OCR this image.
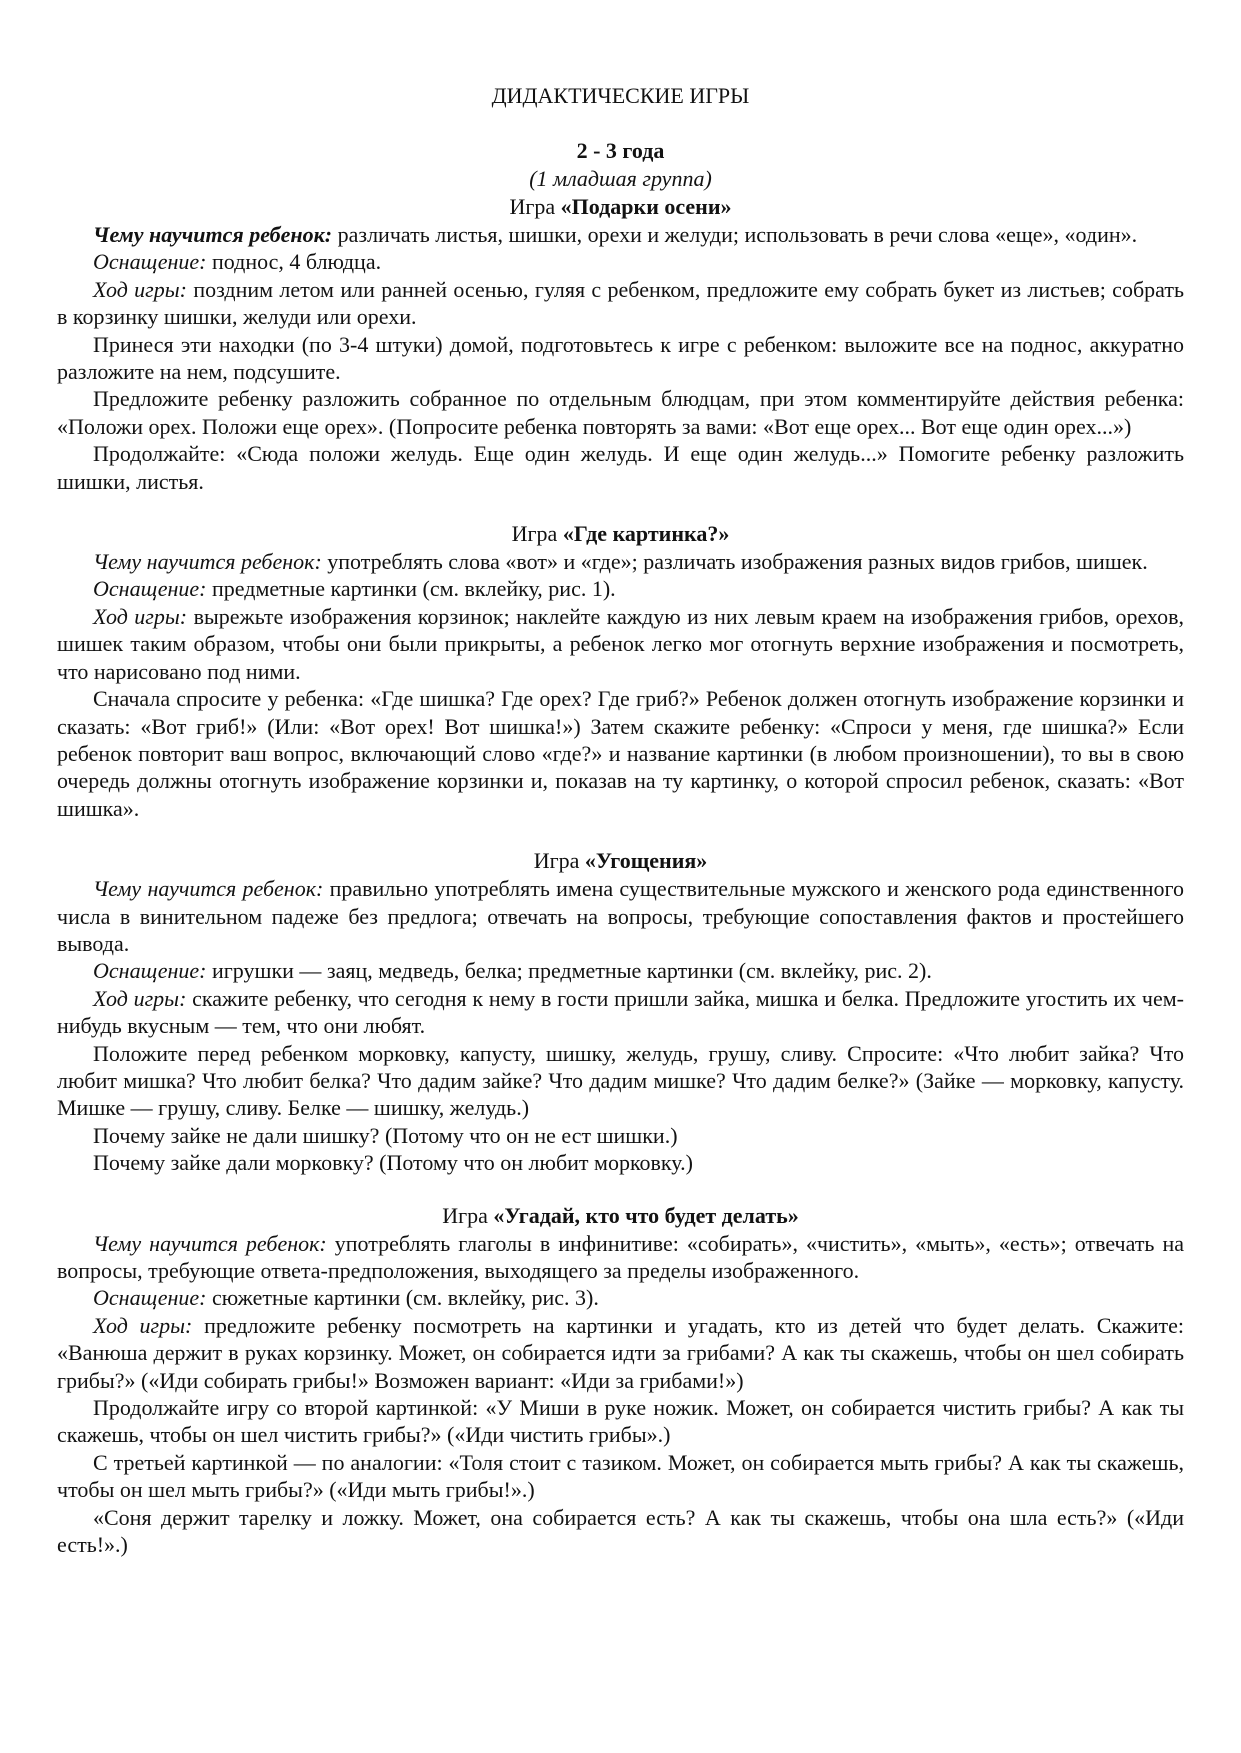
ДИДАКТИЧЕСКИЕ ИГРЫ
2 - 3 года
(1 младшая группа)
Игра «Подарки осени»

Чему научится ребенок: различать листья, шишки, орехи и желуди; использовать в речи слова «еще», «один».

Оснащение: поднос, 4 блюдца.

Ход игры: поздним летом или ранней осенью, гуляя с ребенком, предложите ему собрать букет из листьев; собрать в корзинку шишки, желуди или орехи.

Принеся эти находки (по 3-4 штуки) домой, подготовьтесь к игре с ребенком: выложите все на поднос, аккуратно разложите на нем, подсушите.

Предложите ребенку разложить собранное по отдельным блюдцам, при этом комментируйте действия ребенка: «Положи орех. Положи еще орех». (Попросите ребенка повторять за вами: «Вот еще орех... Вот еще один орех...»)

Продолжайте: «Сюда положи желудь. Еще один желудь. И еще один желудь...» Помогите ребенку разложить шишки, листья.

Игра «Где картинка?»

Чему научится ребенок: употреблять слова «вот» и «где»; различать изображения разных видов грибов, шишек.

Оснащение: предметные картинки (см. вклейку, рис. 1).

Ход игры: вырежьте изображения корзинок; наклейте каждую из них левым краем на изображения грибов, орехов, шишек таким образом, чтобы они были прикрыты, а ребенок легко мог отогнуть верхние изображения и посмотреть, что нарисовано под ними.

Сначала спросите у ребенка: «Где шишка? Где орех? Где гриб?» Ребенок должен отогнуть изображение корзинки и сказать: «Вот гриб!» (Или: «Вот орех! Вот шишка!») Затем скажите ребенку: «Спроси у меня, где шишка?» Если ребенок повторит ваш вопрос, включающий слово «где?» и название картинки (в любом произношении), то вы в свою очередь должны отогнуть изображение корзинки и, показав на ту картинку, о которой спросил ребенок, сказать: «Вот шишка».

Игра «Угощения»

Чему научится ребенок: правильно употреблять имена существительные мужского и женского рода единственного числа в винительном падеже без предлога; отвечать на вопросы, требующие сопоставления фактов и простейшего вывода.

Оснащение: игрушки — заяц, медведь, белка; предметные картинки (см. вклейку, рис. 2).

Ход игры: скажите ребенку, что сегодня к нему в гости пришли зайка, мишка и белка. Предложите угостить их чем-нибудь вкусным — тем, что они любят.

Положите перед ребенком морковку, капусту, шишку, желудь, грушу, сливу. Спросите: «Что любит зайка? Что любит мишка? Что любит белка? Что дадим зайке? Что дадим мишке? Что дадим белке?» (Зайке — морковку, капусту. Мишке — грушу, сливу. Белке — шишку, желудь.)

Почему зайке не дали шишку? (Потому что он не ест шишки.)

Почему зайке дали морковку? (Потому что он любит морковку.)

Игра «Угадай, кто что будет делать»

Чему научится ребенок: употреблять глаголы в инфинитиве: «собирать», «чистить», «мыть», «есть»; отвечать на вопросы, требующие ответа-предположения, выходящего за пределы изображенного.

Оснащение: сюжетные картинки (см. вклейку, рис. 3).

Ход игры: предложите ребенку посмотреть на картинки и угадать, кто из детей что будет делать. Скажите: «Ванюша держит в руках корзинку. Может, он собирается идти за грибами? А как ты скажешь, чтобы он шел собирать грибы?» («Иди собирать грибы!» Возможен вариант: «Иди за грибами!»)

Продолжайте игру со второй картинкой: «У Миши в руке ножик. Может, он собирается чистить грибы? А как ты скажешь, чтобы он шел чистить грибы?» («Иди чистить грибы».)

С третьей картинкой — по аналогии: «Толя стоит с тазиком. Может, он собирается мыть грибы? А как ты скажешь, чтобы он шел мыть грибы?» («Иди мыть грибы!».)

«Соня держит тарелку и ложку. Может, она собирается есть? А как ты скажешь, чтобы она шла есть?» («Иди есть!».)
